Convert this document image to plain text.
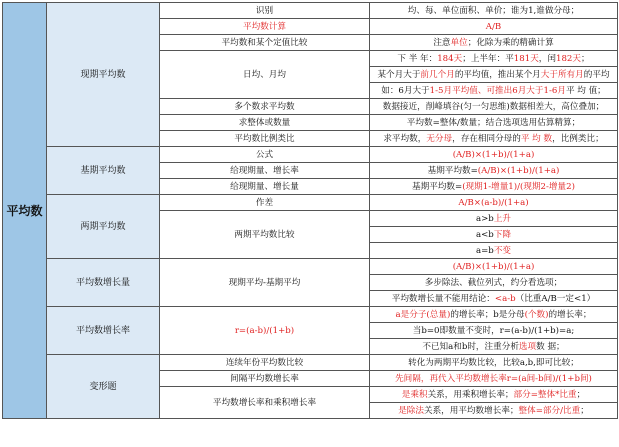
平均数	现期平均数	识别	均、每、单位面积、单价；谁为1,谁做分母；
		平均数计算	A/B
		平均数和某个定值比较	注意单位；化除为乘的精确计算
		日均、月均	下 半 年：184天；上半年：平181天，闰182天；
			某个月大于前几个月的平均值，推出某个月大于所有月的平均
			如：6月大于1-5月平均值、可推出6月大于1-6月平 均 值；
		多个数求平均数	数据接近，削峰填谷(匀一匀思维)数据相差大，高位叠加；
		求整体或数量	平均数=整体/数量；结合选项选用估算精算；
		平均数比例类比	求平均数，无分母，存在相同分母的平 均 数，比例类比；
	基期平均数	公式	(A/B)×(1+b)/(1+a)
		给现期量、增长率	基期平均数=(A/B)×(1+b)/(1+a)
		给现期量、增长量	基期平均数=(现期1-增量1)/(现期2-增量2)
	两期平均数	作差	A/B×(a-b)/(1+a)
		两期平均数比较	a>b上升
			a<b下降
			a=b不变
	平均数增长量	现期平均-基期平均	(A/B)×(1+b)/(1+a)
			多步除法、截位列式，约分看选项；
			平均数增长量不能用结论：<a-b（比重A/B一定<1）
	平均数增长率	r=(a-b)/(1+b)	a是分子(总量)的增长率；b是分母(个数)的增长率；
			当b=0即数量不变时，r=(a-b)/(1+b)=a;
			不已知a和b时，注重分析选项数 据；
	变形题	连续年份平均数比较	转化为两期平均数比较，比较a,b,即可比较；
		间隔平均数增长率	先间隔，再代入平均数增长率r=(a间-b间)/(1+b间)
		平均数增长率和乘积增长率	是乘积关系，用乘积增长率；部分=整体*比重；
			是除法关系，用平均数增长率；整体=部分/比重；
